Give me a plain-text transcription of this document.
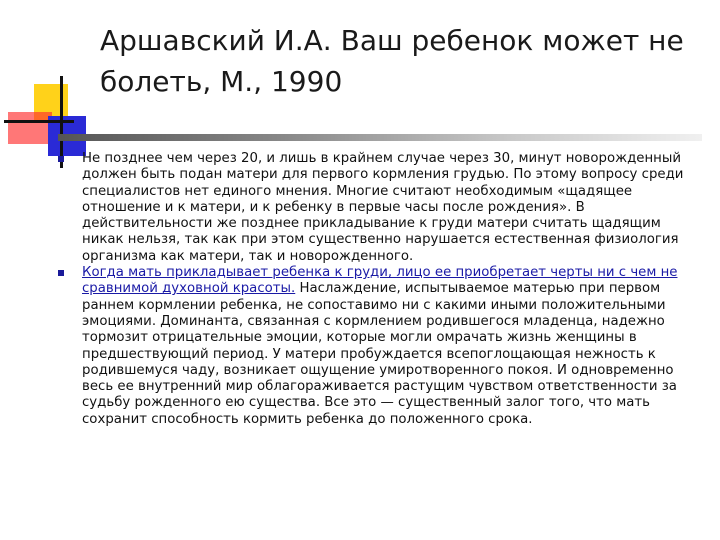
Аршавский И.А. Ваш ребенок может не болеть, М., 1990
Не позднее чем через 20, и лишь в крайнем случае через 30, минут новорожденный должен быть подан матери для первого кормления грудью. По этому вопросу среди специалистов нет единого мнения. Многие считают необходимым «щадящее отношение и к матери, и к ребенку в первые часы после рождения». В действительности же позднее прикладывание к груди матери считать щадящим никак нельзя, так как при этом существенно нарушается естественная физиология организма как матери, так и новорожденного.
Когда мать прикладывает ребенка к груди, лицо ее приобретает черты ни с чем не сравнимой духовной красоты. Наслаждение, испытываемое матерью при первом раннем кормлении ребенка, не сопоставимо ни с какими иными положительными эмоциями. Доминанта, связанная с кормлением родившегося младенца, надежно тормозит отрицательные эмоции, которые могли омрачать жизнь женщины в предшествующий период. У матери пробуждается всепоглощающая нежность к родившемуся чаду, возникает ощущение умиротворенного покоя. И одновременно весь ее внутренний мир облагораживается растущим чувством ответственности за судьбу рожденного ею существа. Все это — существенный залог того, что мать сохранит способность кормить ребенка до положенного срока.
